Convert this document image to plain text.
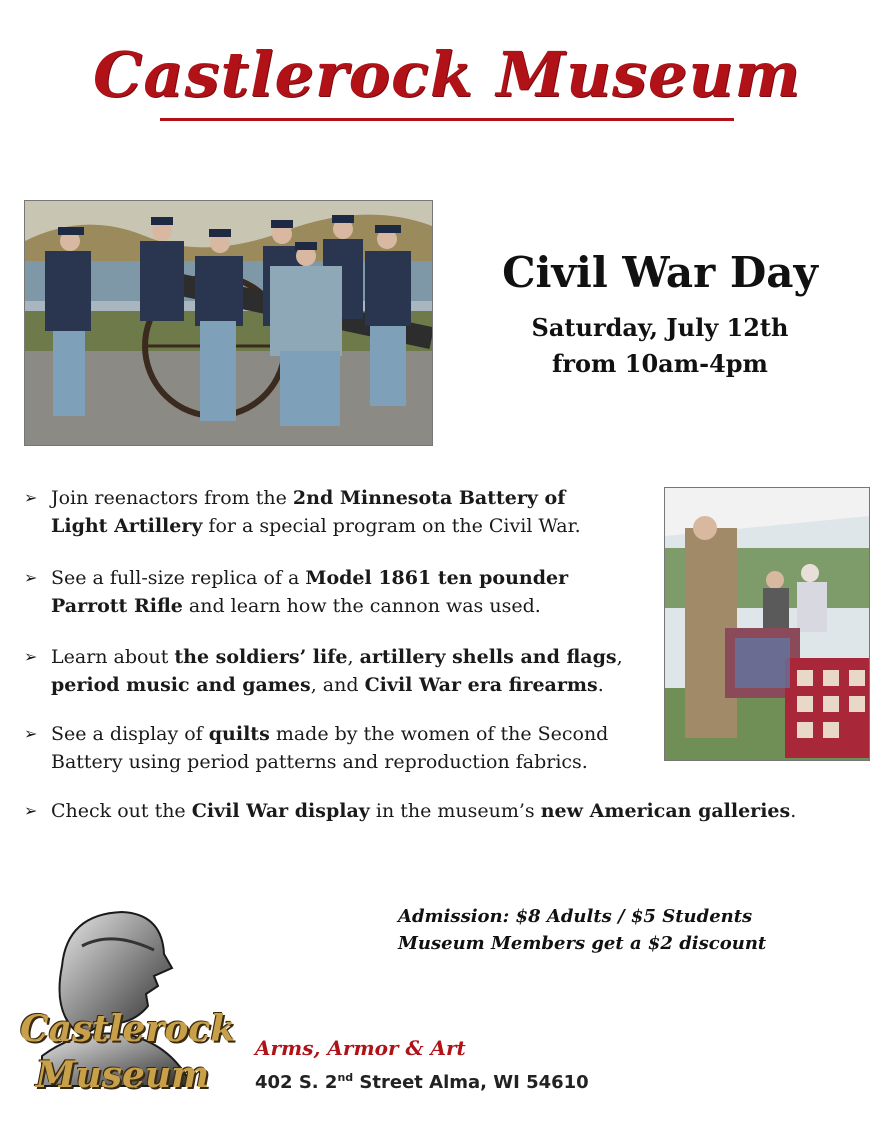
Castlerock Museum
Civil War Day
Saturday, July 12th
from 10am-4pm
➢ Join reenactors from the 2nd Minnesota Battery of
Light Artillery for a special program on the Civil War.
➢ See a full-size replica of a Model 1861 ten pounder
Parrott Rifle and learn how the cannon was used.
➢ Learn about the soldiers’ life, artillery shells and flags,
period music and games, and Civil War era firearms.
➢ See a display of quilts made by the women of the Second
Battery using period patterns and reproduction fabrics.
➢ Check out the Civil War display in the museum’s new American galleries.
Admission: $8 Adults / $5 Students
Museum Members get a $2 discount
Castlerock
Museum
Arms, Armor & Art
402 S. 2nd Street Alma, WI 54610
